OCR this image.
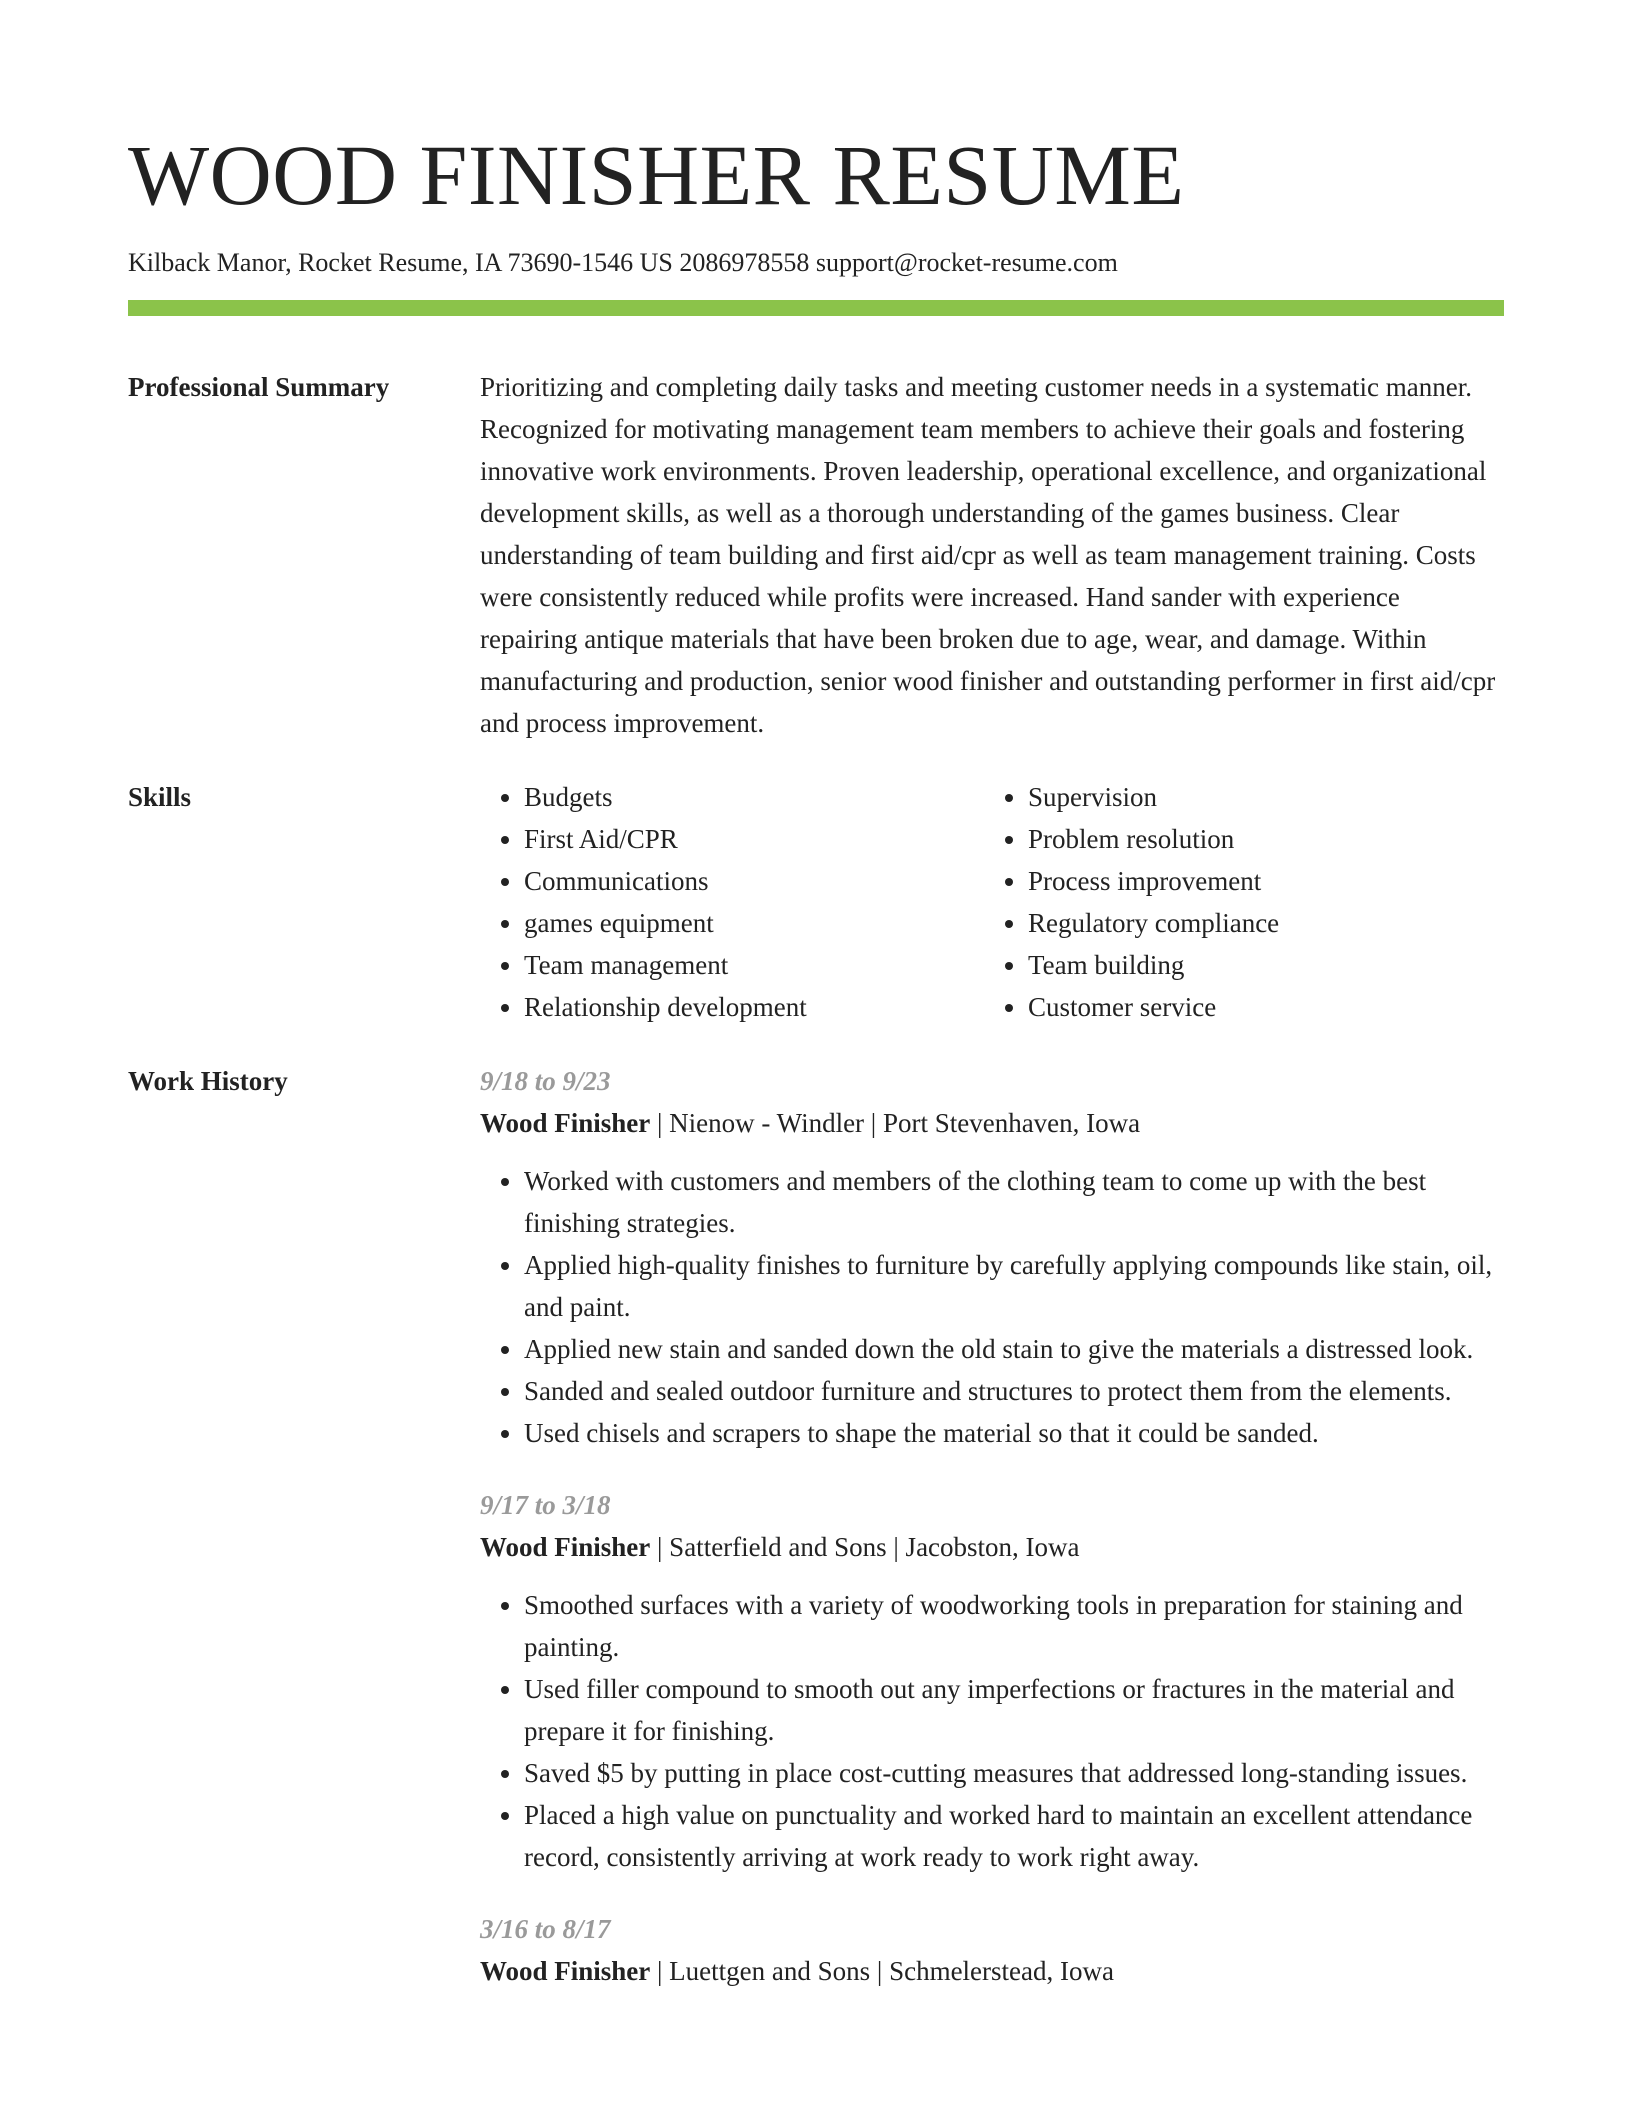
WOOD FINISHER RESUME
Kilback Manor, Rocket Resume, IA 73690-1546 US 2086978558 support@rocket-resume.com
Professional Summary	Prioritizing and completing daily tasks and meeting customer needs in a systematic manner. Recognized for motivating management team members to achieve their goals and fostering innovative work environments. Proven leadership, operational excellence, and organizational development skills, as well as a thorough understanding of the games business. Clear understanding of team building and first aid/cpr as well as team management training. Costs were consistently reduced while profits were increased. Hand sander with experience repairing antique materials that have been broken due to age, wear, and damage. Within manufacturing and production, senior wood finisher and outstanding performer in first aid/cpr and process improvement.
Skills
•	Budgets
• First Aid/CPR
• Communications
• games equipment
• Team management
• Relationship development
• Supervision
• Problem resolution
• Process improvement
• Regulatory compliance
• Team building
• Customer service
Work History	9/18 to 9/23
Wood Finisher | Nienow - Windler | Port Stevenhaven, Iowa
• Worked with customers and members of the clothing team to come up with the best finishing strategies.
• Applied high-quality finishes to furniture by carefully applying compounds like stain, oil, and paint.
• Applied new stain and sanded down the old stain to give the materials a distressed look.
• Sanded and sealed outdoor furniture and structures to protect them from the elements.
• Used chisels and scrapers to shape the material so that it could be sanded.
9/17 to 3/18
Wood Finisher | Satterfield and Sons | Jacobston, Iowa
• Smoothed surfaces with a variety of woodworking tools in preparation for staining and painting.
• Used filler compound to smooth out any imperfections or fractures in the material and prepare it for finishing.
• Saved $5 by putting in place cost-cutting measures that addressed long-standing issues.
• Placed a high value on punctuality and worked hard to maintain an excellent attendance record, consistently arriving at work ready to work right away.
3/16 to 8/17
Wood Finisher | Luettgen and Sons | Schmelerstead, Iowa
